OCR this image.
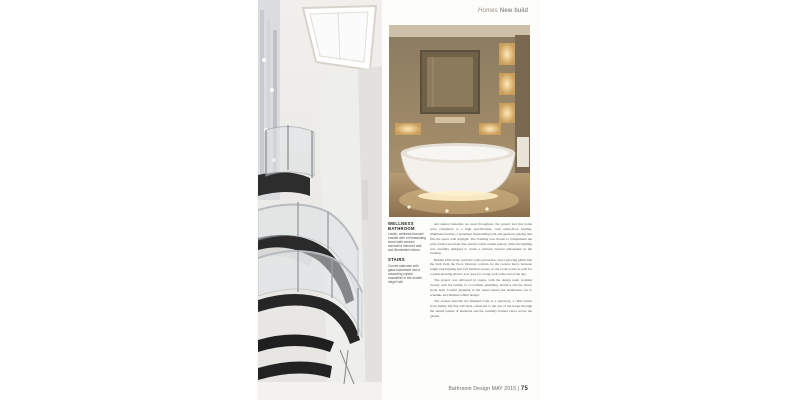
Homes New build

WELLNESS BATHROOM

Lavish, wellness-focused ensuite with a freestanding stone bath centred beneath a mirrored wall and illuminated niches.

STAIRS

Curved staircase with glass balustrade and a cascading crystal chandelier in the double-height hall.

and natural materials are used throughout, the project and this home were completed to a high specification, with under-floor heating, illuminated niches, a statement freestanding bath and generous glazing that fills the space with daylight. The cladding was chosen to complement the wide-format porcelain tiles and the warm walnut joinery, while the lighting was carefully designed to create a relaxed, layered atmosphere in the evening.

Hidden LED strips wash the walls and niches, and a glowing plinth lifts the bath from the floor. Discreet controls let the owners move between bright task lighting and soft ambient scenes, so the room works as well for a quick morning shower as it does for a long soak at the end of the day.

The project was delivered in stages, with the design team working closely with the builder to co-ordinate plumbing, electrics and the heavy stone bath. Careful planning at the outset meant the installation ran to schedule and finished within budget.

The owners describe the finished room as a sanctuary, a calm retreat from family life that still feels connected to the rest of the house through the shared palette of materials and the carefully framed views across the garden.

Bathroom Design MAY 2015 | 75
